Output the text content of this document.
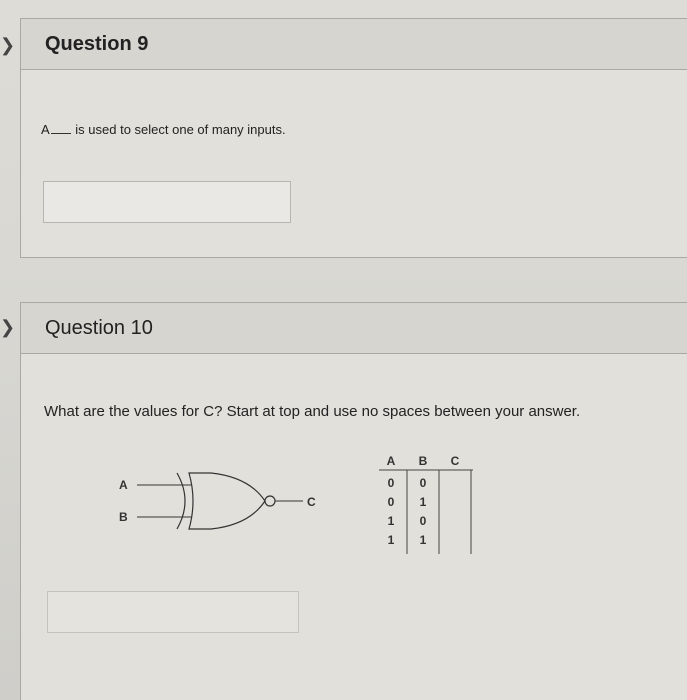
❯ Question 9
A is used to select one of many inputs.
❯ Question 10
What are the values for C? Start at top and use no spaces between your answer.
A
B
C
A B C
0 0
0 1
1 0
1 1
